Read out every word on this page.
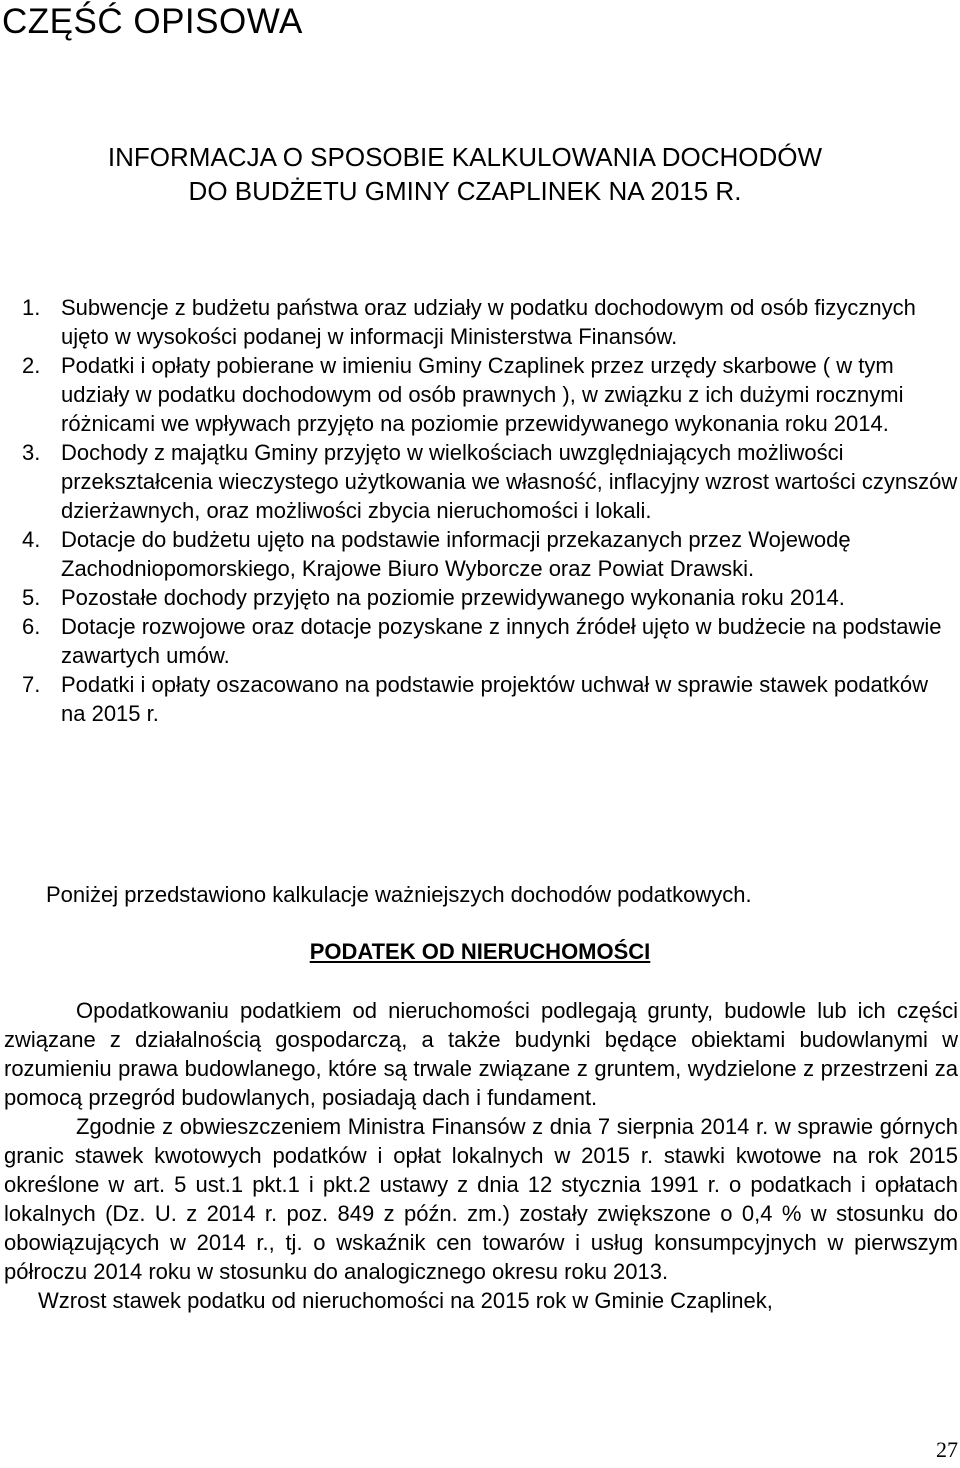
CZĘŚĆ OPISOWA
INFORMACJA O SPOSOBIE KALKULOWANIA DOCHODÓW
DO BUDŻETU GMINY CZAPLINEK NA 2015 R.
1. Subwencje z budżetu państwa oraz udziały w podatku dochodowym od osób fizycznych ujęto w wysokości podanej w informacji Ministerstwa Finansów.
2. Podatki i opłaty pobierane w imieniu Gminy Czaplinek przez urzędy skarbowe ( w tym udziały w podatku dochodowym od osób prawnych ), w związku z ich dużymi rocznymi różnicami we wpływach przyjęto na poziomie przewidywanego wykonania roku 2014.
3. Dochody z majątku Gminy przyjęto w wielkościach uwzględniających możliwości przekształcenia wieczystego użytkowania we własność, inflacyjny wzrost wartości czynszów dzierżawnych, oraz możliwości zbycia nieruchomości i lokali.
4. Dotacje do budżetu ujęto na podstawie informacji przekazanych przez Wojewodę Zachodniopomorskiego, Krajowe Biuro Wyborcze oraz Powiat Drawski.
5. Pozostałe dochody przyjęto na poziomie przewidywanego wykonania roku 2014.
6. Dotacje rozwojowe oraz dotacje pozyskane z innych źródeł ujęto w budżecie na podstawie zawartych umów.
7. Podatki i opłaty oszacowano na podstawie projektów uchwał w sprawie stawek podatków na 2015 r.

Poniżej przedstawiono kalkulacje ważniejszych dochodów podatkowych.

PODATEK OD NIERUCHOMOŚCI

Opodatkowaniu podatkiem od nieruchomości podlegają grunty, budowle lub ich części związane z działalnością gospodarczą, a także budynki będące obiektami budowlanymi w rozumieniu prawa budowlanego, które są trwale związane z gruntem, wydzielone z przestrzeni za pomocą przegród budowlanych, posiadają dach i fundament.

Zgodnie z obwieszczeniem Ministra Finansów z dnia 7 sierpnia 2014 r. w sprawie górnych granic stawek kwotowych podatków i opłat lokalnych w 2015 r. stawki kwotowe na rok 2015 określone w art. 5 ust.1 pkt.1 i pkt.2 ustawy z dnia 12 stycznia 1991 r. o podatkach i opłatach lokalnych (Dz. U. z 2014 r. poz. 849 z późn. zm.) zostały zwiększone o 0,4 % w stosunku do obowiązujących w 2014 r., tj. o wskaźnik cen towarów i usług konsumpcyjnych w pierwszym półroczu 2014 roku w stosunku do analogicznego okresu roku 2013.

Wzrost stawek podatku od nieruchomości na 2015 rok w Gminie Czaplinek,

27
